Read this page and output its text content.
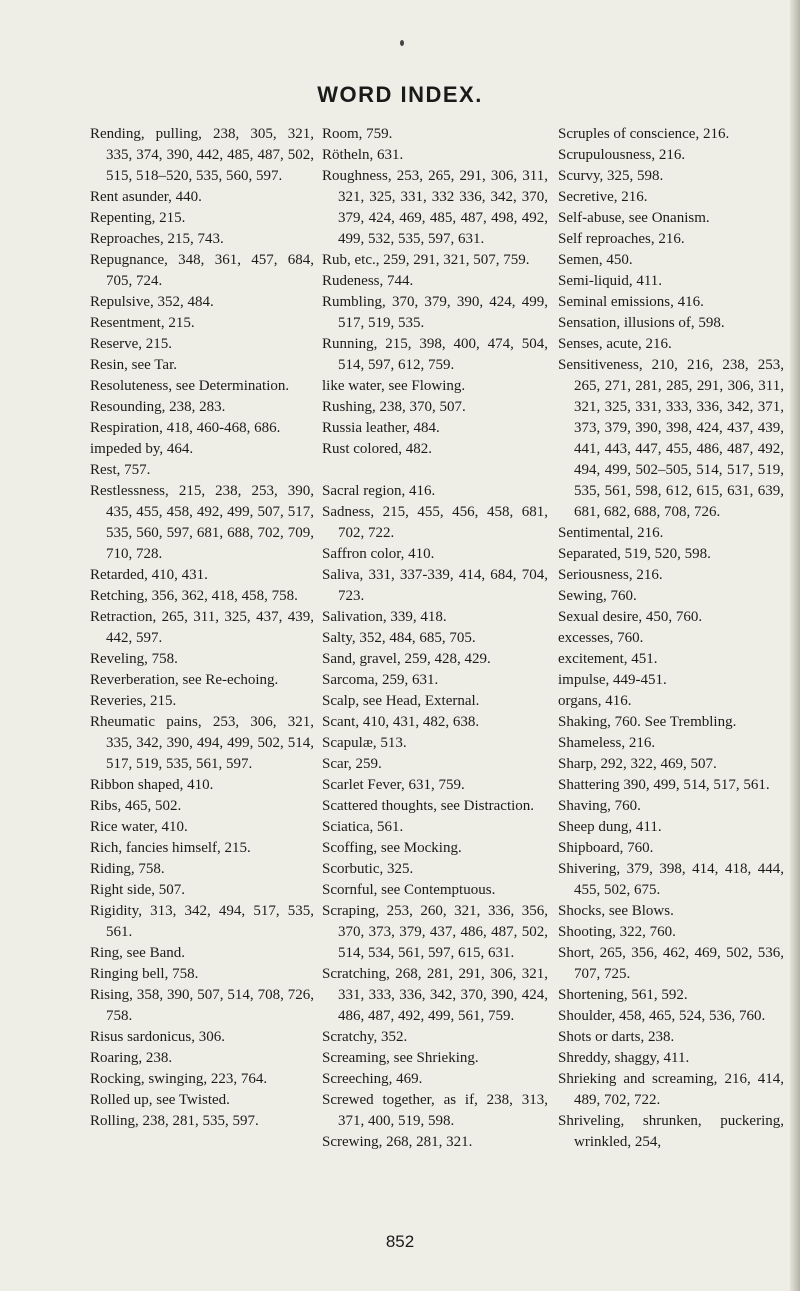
WORD INDEX.
Rending, pulling, 238, 305, 321, 335, 374, 390, 442, 485, 487, 502, 515, 518–520, 535, 560, 597.
Rent asunder, 440.
Repenting, 215.
Reproaches, 215, 743.
Repugnance, 348, 361, 457, 684, 705, 724.
Repulsive, 352, 484.
Resentment, 215.
Reserve, 215.
Resin, see Tar.
Resoluteness, see Determination.
Resounding, 238, 283.
Respiration, 418, 460-468, 686.
impeded by, 464.
Rest, 757.
Restlessness, 215, 238, 253, 390, 435, 455, 458, 492, 499, 507, 517, 535, 560, 597, 681, 688, 702, 709, 710, 728.
Retarded, 410, 431.
Retching, 356, 362, 418, 458, 758.
Retraction, 265, 311, 325, 437, 439, 442, 597.
Reveling, 758.
Reverberation, see Re-echoing.
Reveries, 215.
Rheumatic pains, 253, 306, 321, 335, 342, 390, 494, 499, 502, 514, 517, 519, 535, 561, 597.
Ribbon shaped, 410.
Ribs, 465, 502.
Rice water, 410.
Rich, fancies himself, 215.
Riding, 758.
Right side, 507.
Rigidity, 313, 342, 494, 517, 535, 561.
Ring, see Band.
Ringing bell, 758.
Rising, 358, 390, 507, 514, 708, 726, 758.
Risus sardonicus, 306.
Roaring, 238.
Rocking, swinging, 223, 764.
Rolled up, see Twisted.
Rolling, 238, 281, 535, 597.
Room, 759.
Rötheln, 631.
Roughness, 253, 265, 291, 306, 311, 321, 325, 331, 332 336, 342, 370, 379, 424, 469, 485, 487, 498, 492, 499, 532, 535, 597, 631.
Rub, etc., 259, 291, 321, 507, 759.
Rudeness, 744.
Rumbling, 370, 379, 390, 424, 499, 517, 519, 535.
Running, 215, 398, 400, 474, 504, 514, 597, 612, 759.
like water, see Flowing.
Rushing, 238, 370, 507.
Russia leather, 484.
Rust colored, 482.
Sacral region, 416.
Sadness, 215, 455, 456, 458, 681, 702, 722.
Saffron color, 410.
Saliva, 331, 337-339, 414, 684, 704, 723.
Salivation, 339, 418.
Salty, 352, 484, 685, 705.
Sand, gravel, 259, 428, 429.
Sarcoma, 259, 631.
Scalp, see Head, External.
Scant, 410, 431, 482, 638.
Scapulæ, 513.
Scar, 259.
Scarlet Fever, 631, 759.
Scattered thoughts, see Distraction.
Sciatica, 561.
Scoffing, see Mocking.
Scorbutic, 325.
Scornful, see Contemptuous.
Scraping, 253, 260, 321, 336, 356, 370, 373, 379, 437, 486, 487, 502, 514, 534, 561, 597, 615, 631.
Scratching, 268, 281, 291, 306, 321, 331, 333, 336, 342, 370, 390, 424, 486, 487, 492, 499, 561, 759.
Scratchy, 352.
Screaming, see Shrieking.
Screeching, 469.
Screwed together, as if, 238, 313, 371, 400, 519, 598.
Screwing, 268, 281, 321.
Scruples of conscience, 216.
Scrupulousness, 216.
Scurvy, 325, 598.
Secretive, 216.
Self-abuse, see Onanism.
Self reproaches, 216.
Semen, 450.
Semi-liquid, 411.
Seminal emissions, 416.
Sensation, illusions of, 598.
Senses, acute, 216.
Sensitiveness, 210, 216, 238, 253, 265, 271, 281, 285, 291, 306, 311, 321, 325, 331, 333, 336, 342, 371, 373, 379, 390, 398, 424, 437, 439, 441, 443, 447, 455, 486, 487, 492, 494, 499, 502–505, 514, 517, 519, 535, 561, 598, 612, 615, 631, 639, 681, 682, 688, 708, 726.
Sentimental, 216.
Separated, 519, 520, 598.
Seriousness, 216.
Sewing, 760.
Sexual desire, 450, 760.
excesses, 760.
excitement, 451.
impulse, 449-451.
organs, 416.
Shaking, 760. See Trembling.
Shameless, 216.
Sharp, 292, 322, 469, 507.
Shattering 390, 499, 514, 517, 561.
Shaving, 760.
Sheep dung, 411.
Shipboard, 760.
Shivering, 379, 398, 414, 418, 444, 455, 502, 675.
Shocks, see Blows.
Shooting, 322, 760.
Short, 265, 356, 462, 469, 502, 536, 707, 725.
Shortening, 561, 592.
Shoulder, 458, 465, 524, 536, 760.
Shots or darts, 238.
Shreddy, shaggy, 411.
Shrieking and screaming, 216, 414, 489, 702, 722.
Shriveling, shrunken, puckering, wrinkled, 254,
852
